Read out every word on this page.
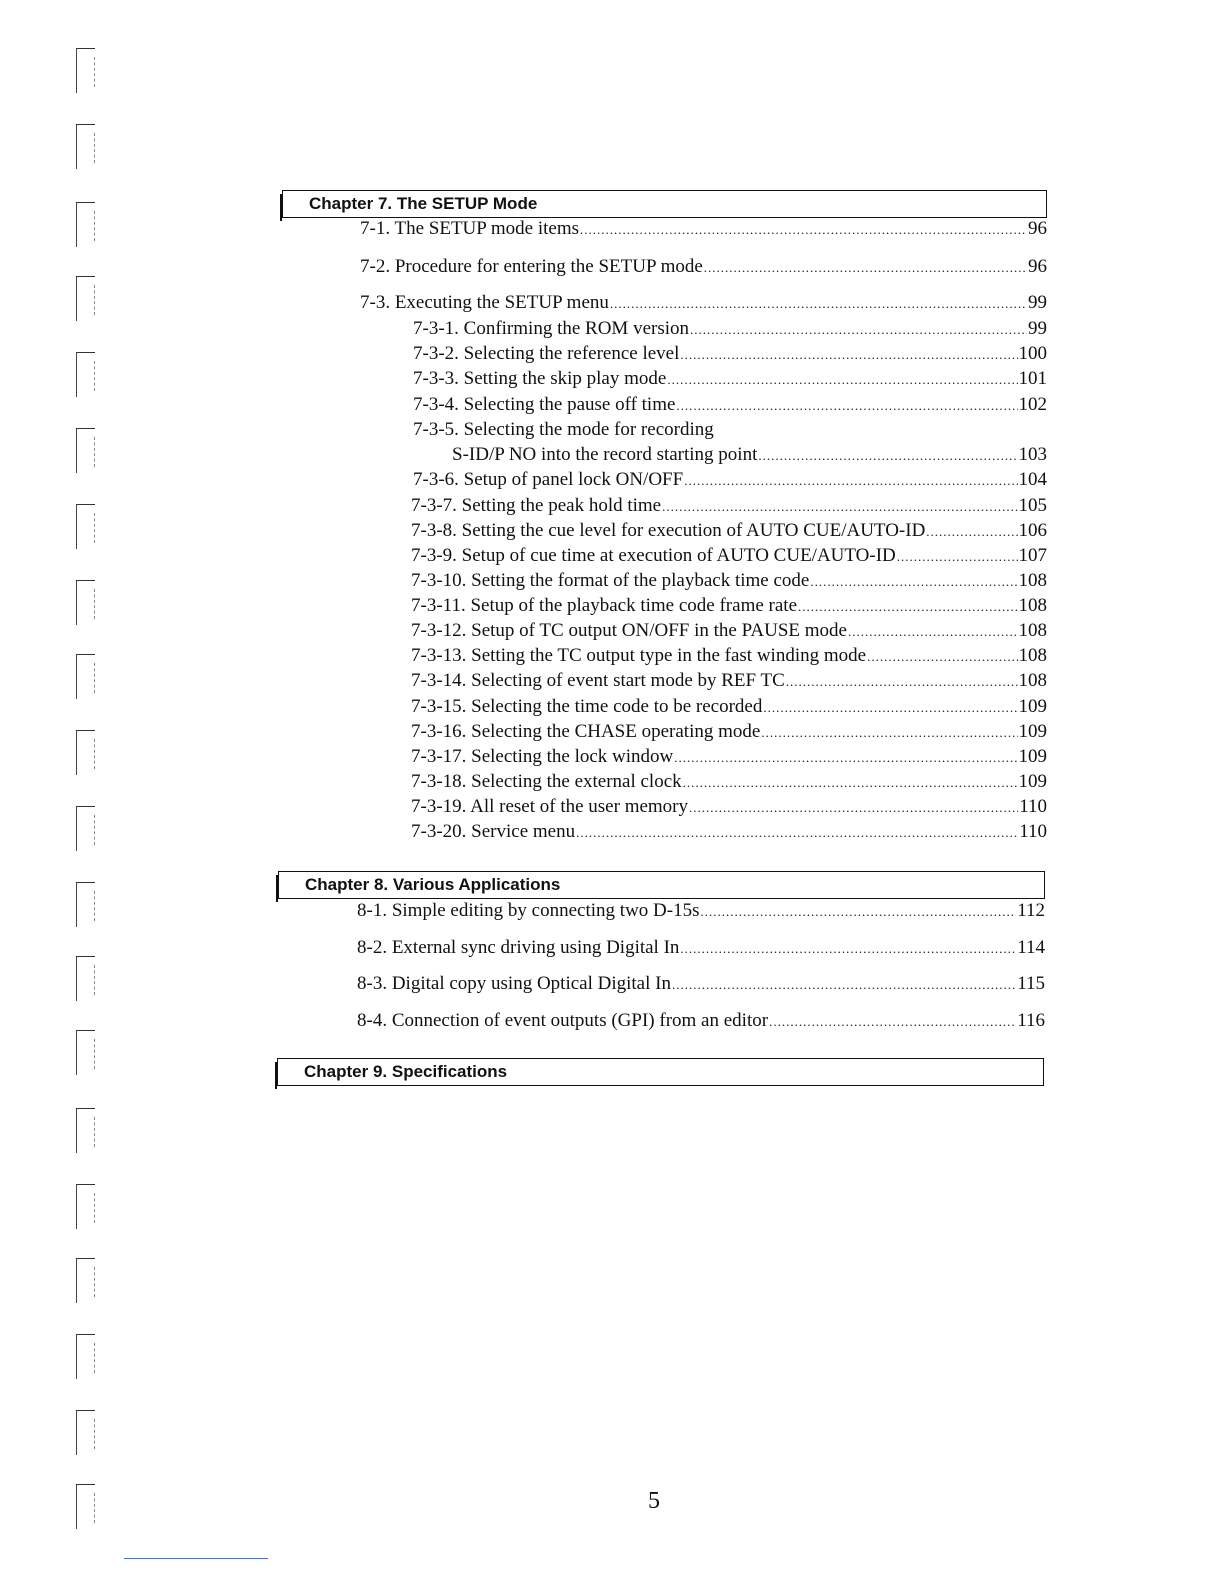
Chapter 7. The SETUP Mode
7-1. The SETUP mode items .....	96
7-2. Procedure for entering the SETUP mode .....	96
7-3. Executing the SETUP menu .....	99
7-3-1. Confirming the ROM version .....	99
7-3-2. Selecting the reference level .....	100
7-3-3. Setting the skip play mode .....	101
7-3-4. Selecting the pause off time .....	102
7-3-5. Selecting the mode for recording
S-ID/P NO into the record starting point .....	103
7-3-6. Setup of panel lock ON/OFF .....	104
7-3-7. Setting the peak hold time .....	105
7-3-8. Setting the cue level for execution of AUTO CUE/AUTO-ID .....	106
7-3-9. Setup of cue time at execution of AUTO CUE/AUTO-ID .....	107
7-3-10. Setting the format of the playback time code .....	108
7-3-11. Setup of the playback time code frame rate .....	108
7-3-12. Setup of TC output ON/OFF in the PAUSE mode .....	108
7-3-13. Setting the TC output type in the fast winding mode .....	108
7-3-14. Selecting of event start mode by REF TC .....	108
7-3-15. Selecting the time code to be recorded .....	109
7-3-16. Selecting the CHASE operating mode .....	109
7-3-17. Selecting the lock window .....	109
7-3-18. Selecting the external clock .....	109
7-3-19. All reset of the user memory .....	110
7-3-20. Service menu .....	110
Chapter 8. Various Applications
8-1. Simple editing by connecting two D-15s .....	112
8-2. External sync driving using Digital In .....	114
8-3. Digital copy using Optical Digital In .....	115
8-4. Connection of event outputs (GPI) from an editor .....	116
Chapter 9. Specifications
5
